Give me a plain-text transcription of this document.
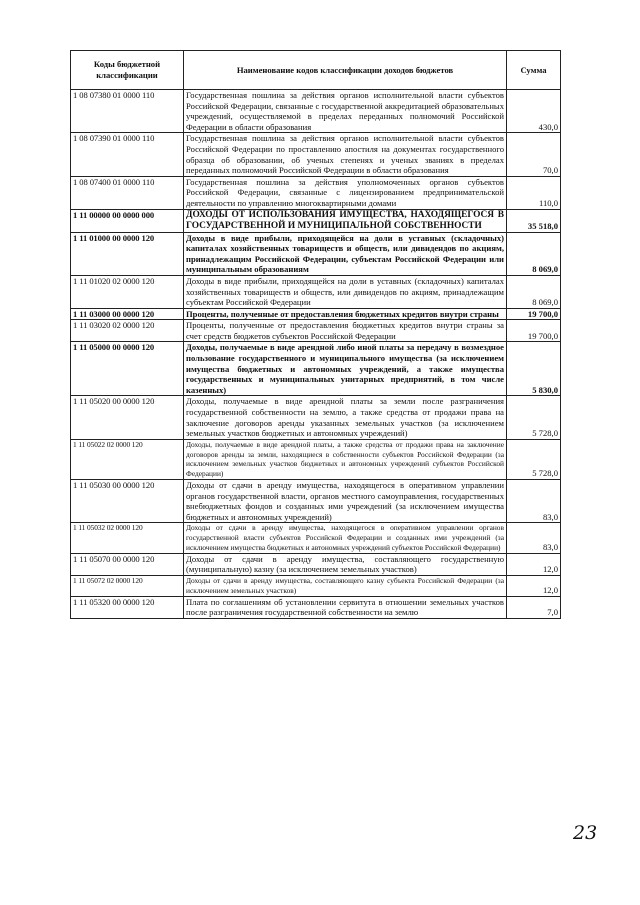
Коды бюджетной классификации	Наименование кодов классификации доходов бюджетов	Сумма
1 08 07380 01 0000 110	Государственная пошлина за действия органов исполнительной власти субъектов Российской Федерации, связанные с государственной аккредитацией образовательных учреждений, осуществляемой в пределах переданных полномочий Российской Федерации в области образования	430,0
1 08 07390 01 0000 110	Государственная пошлина за действия органов исполнительной власти субъектов Российской Федерации по проставлению апостиля на документах государственного образца об образовании, об ученых степенях и ученых званиях в пределах переданных полномочий Российской Федерации в области образования	70,0
1 08 07400 01 0000 110	Государственная пошлина за действия уполномоченных органов субъектов Российской Федерации, связанные с лицензированием предпринимательской деятельности по управлению многоквартирными домами	110,0
1 11 00000 00 0000 000	ДОХОДЫ ОТ ИСПОЛЬЗОВАНИЯ ИМУЩЕСТВА, НАХОДЯЩЕГОСЯ В ГОСУДАРСТВЕННОЙ И МУНИЦИПАЛЬНОЙ СОБСТВЕННОСТИ	35 518,0
1 11 01000 00 0000 120	Доходы в виде прибыли, приходящейся на доли в уставных (складочных) капиталах хозяйственных товариществ и обществ, или дивидендов по акциям, принадлежащим Российской Федерации, субъектам Российской Федерации или муниципальным образованиям	8 069,0
1 11 01020 02 0000 120	Доходы в виде прибыли, приходящейся на доли в уставных (складочных) капиталах хозяйственных товариществ и обществ, или дивидендов по акциям, принадлежащим субъектам Российской Федерации	8 069,0
1 11 03000 00 0000 120	Проценты, полученные от предоставления бюджетных кредитов внутри страны	19 700,0
1 11 03020 02 0000 120	Проценты, полученные от предоставления бюджетных кредитов внутри страны за счет средств бюджетов субъектов Российской Федерации	19 700,0
1 11 05000 00 0000 120	Доходы, получаемые в виде арендной либо иной платы за передачу в возмездное пользование государственного и муниципального имущества (за исключением имущества бюджетных и автономных учреждений, а также имущества государственных и муниципальных унитарных предприятий, в том числе казенных)	5 830,0
1 11 05020 00 0000 120	Доходы, получаемые в виде арендной платы за земли после разграничения государственной собственности на землю, а также средства от продажи права на заключение договоров аренды указанных земельных участков (за исключением земельных участков бюджетных и автономных учреждений)	5 728,0
1 11 05022 02 0000 120	Доходы, получаемые в виде арендной платы, а также средства от продажи права на заключение договоров аренды за земли, находящиеся в собственности субъектов Российской Федерации (за исключением земельных участков бюджетных и автономных учреждений субъектов Российской Федерации)	5 728,0
1 11 05030 00 0000 120	Доходы от сдачи в аренду имущества, находящегося в оперативном управлении органов государственной власти, органов местного самоуправления, государственных внебюджетных фондов и созданных ими учреждений (за исключением имущества бюджетных и автономных учреждений)	83,0
1 11 05032 02 0000 120	Доходы от сдачи в аренду имущества, находящегося в оперативном управлении органов государственной власти субъектов Российской Федерации и созданных ими учреждений (за исключением имущества бюджетных и автономных учреждений субъектов Российской Федерации)	83,0
1 11 05070 00 0000 120	Доходы от сдачи в аренду имущества, составляющего государственную (муниципальную) казну (за исключением земельных участков)	12,0
1 11 05072 02 0000 120	Доходы от сдачи в аренду имущества, составляющего казну субъекта Российской Федерации (за исключением земельных участков)	12,0
1 11 05320 00 0000 120	Плата по соглашениям об установлении сервитута в отношении земельных участков после разграничения государственной собственности на землю	7,0
23
